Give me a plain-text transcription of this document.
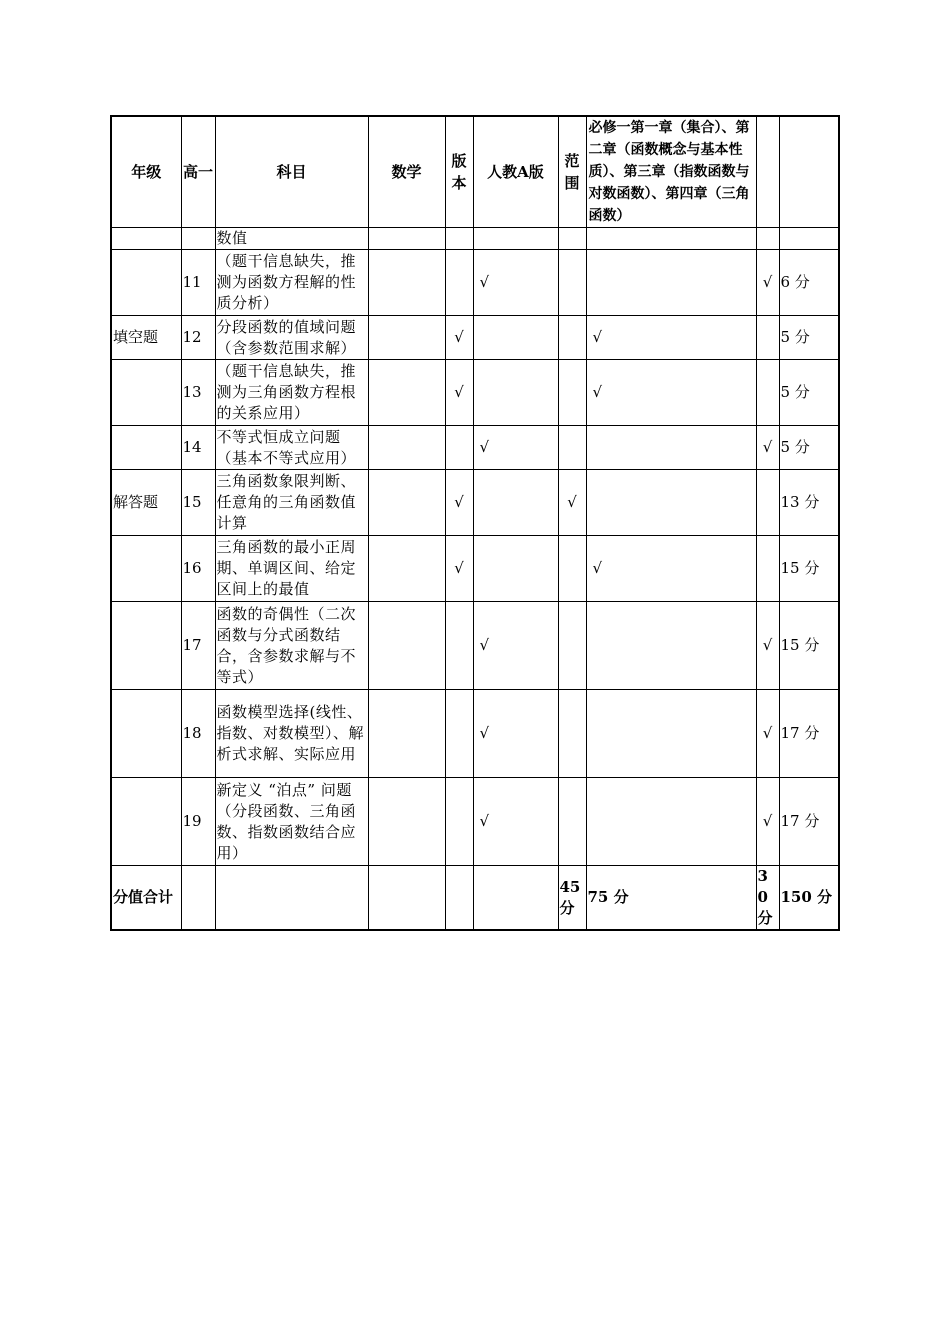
年级	高一	科目	数学	版本	人教A版	范围	必修一第一章（集合）、第二章（函数概念与基本性质）、第三章（指数函数与对数函数）、第四章（三角函数）		
		数值							
	11	（题干信息缺失，推测为函数方程解的性质分析）			√			√	6 分
填空题	12	分段函数的值域问题（含参数范围求解）		√			√		5 分
	13	（题干信息缺失，推测为三角函数方程根的关系应用）		√			√		5 分
	14	不等式恒成立问题（基本不等式应用）			√			√	5 分
解答题	15	三角函数象限判断、任意角的三角函数值计算		√		√			13 分
	16	三角函数的最小正周期、单调区间、给定区间上的最值		√			√		15 分
	17	函数的奇偶性（二次函数与分式函数结合，含参数求解与不等式）			√			√	15 分
	18	函数模型选择(线性、指数、对数模型）、解析式求解、实际应用			√			√	17 分
	19	新定义 “泊点” 问题（分段函数、三角函数、指数函数结合应用）			√			√	17 分
分值合计						45 分	75 分	30 分	150 分
